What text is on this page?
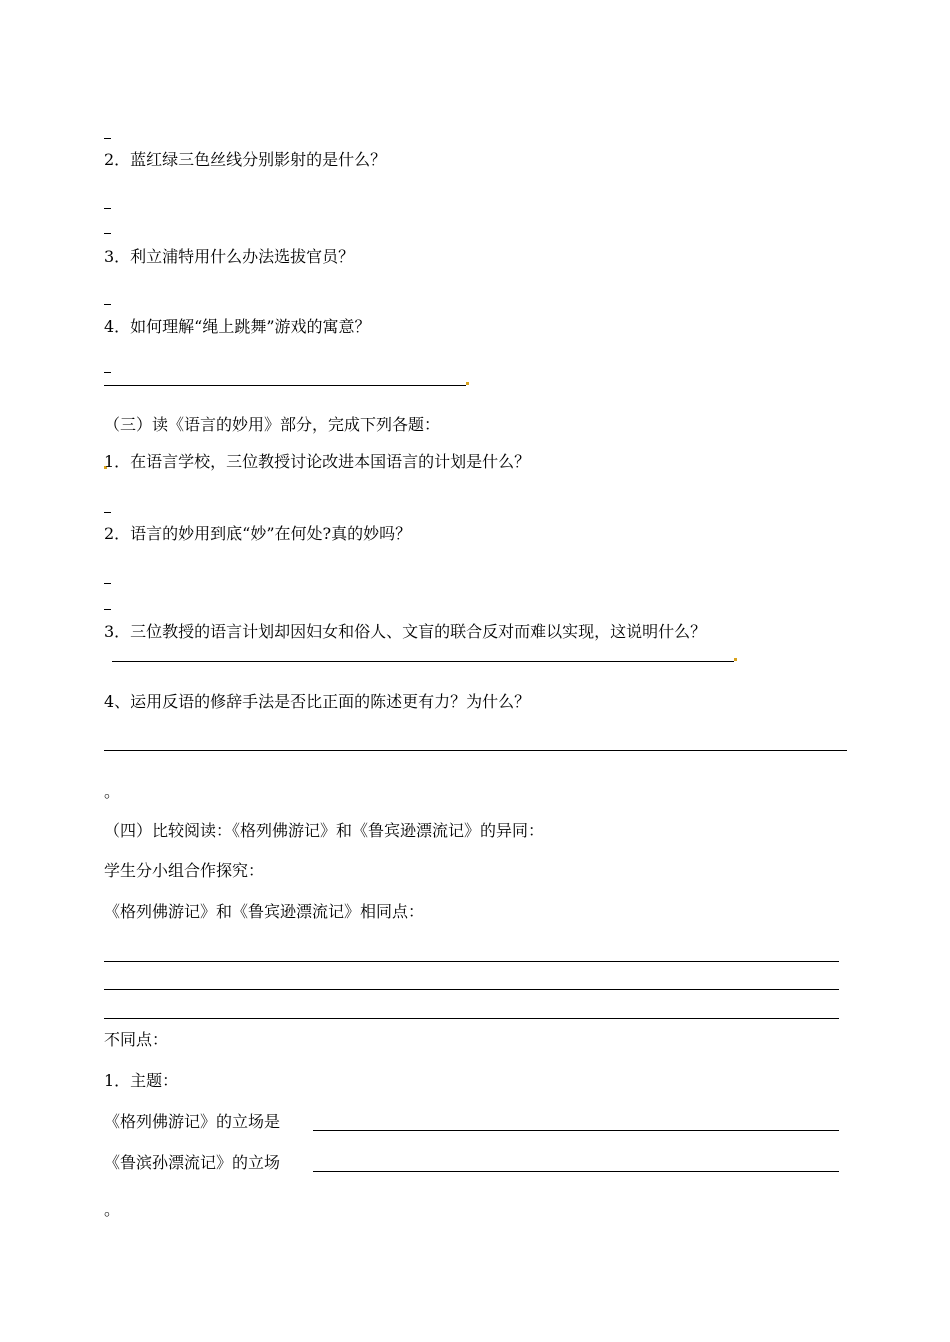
2．蓝红绿三色丝线分别影射的是什么？
3．利立浦特用什么办法选拔官员？
4．如何理解“绳上跳舞”游戏的寓意？
（三）读《语言的妙用》部分，完成下列各题：
1．在语言学校，三位教授讨论改进本国语言的计划是什么？
2．语言的妙用到底“妙”在何处?真的妙吗？
3．三位教授的语言计划却因妇女和俗人、文盲的联合反对而难以实现，这说明什么？
4、运用反语的修辞手法是否比正面的陈述更有力？为什么？
。
（四）比较阅读：《格列佛游记》和《鲁宾逊漂流记》的异同：
学生分小组合作探究：
《格列佛游记》和《鲁宾逊漂流记》相同点：
不同点：
1．主题：
《格列佛游记》的立场是
《鲁滨孙漂流记》的立场
。
